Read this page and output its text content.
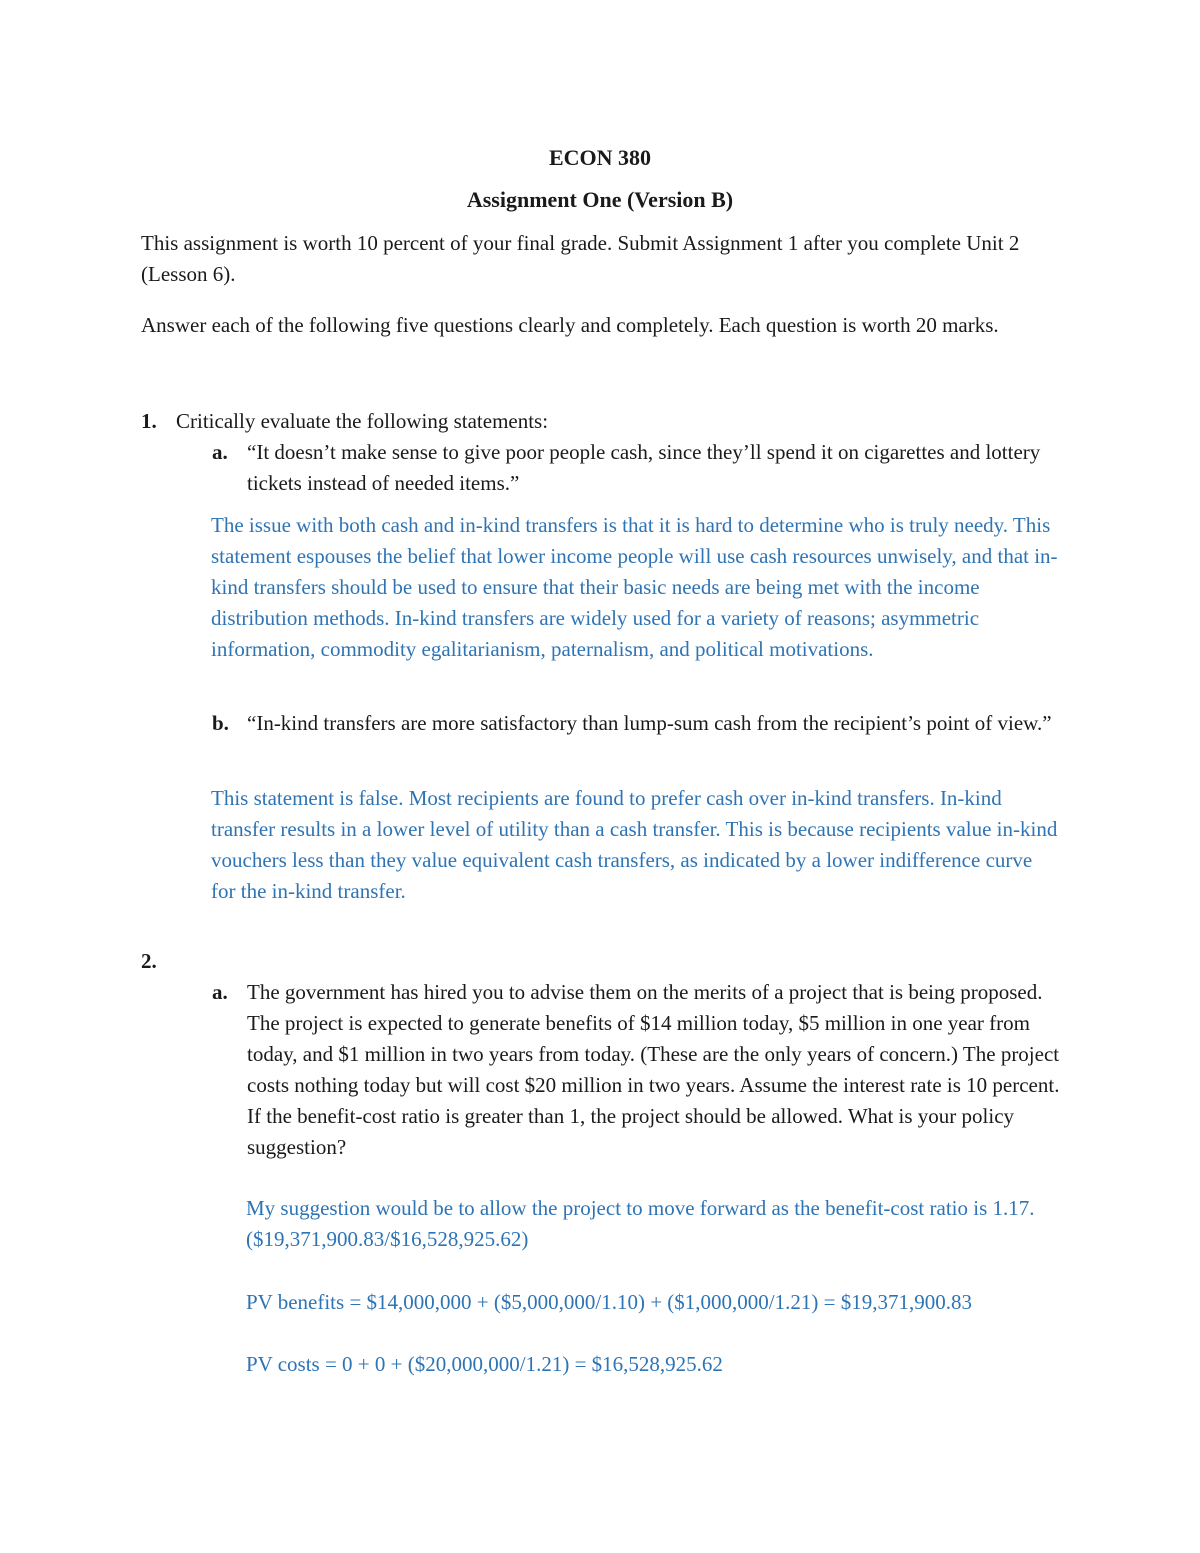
ECON 380
Assignment One (Version B)

This assignment is worth 10 percent of your final grade. Submit Assignment 1 after you complete Unit 2 (Lesson 6).

Answer each of the following five questions clearly and completely. Each question is worth 20 marks.

1. Critically evaluate the following statements:
a. “It doesn’t make sense to give poor people cash, since they’ll spend it on cigarettes and lottery tickets instead of needed items.”

The issue with both cash and in-kind transfers is that it is hard to determine who is truly needy. This statement espouses the belief that lower income people will use cash resources unwisely, and that in-kind transfers should be used to ensure that their basic needs are being met with the income distribution methods. In-kind transfers are widely used for a variety of reasons; asymmetric information, commodity egalitarianism, paternalism, and political motivations.

b. “In-kind transfers are more satisfactory than lump-sum cash from the recipient’s point of view.”

This statement is false. Most recipients are found to prefer cash over in-kind transfers. In-kind transfer results in a lower level of utility than a cash transfer. This is because recipients value in-kind vouchers less than they value equivalent cash transfers, as indicated by a lower indifference curve for the in-kind transfer.

2.
a. The government has hired you to advise them on the merits of a project that is being proposed. The project is expected to generate benefits of $14 million today, $5 million in one year from today, and $1 million in two years from today. (These are the only years of concern.) The project costs nothing today but will cost $20 million in two years. Assume the interest rate is 10 percent. If the benefit-cost ratio is greater than 1, the project should be allowed. What is your policy suggestion?

My suggestion would be to allow the project to move forward as the benefit-cost ratio is 1.17. ($19,371,900.83/$16,528,925.62)

PV benefits = $14,000,000 + ($5,000,000/1.10) + ($1,000,000/1.21) = $19,371,900.83

PV costs = 0 + 0 + ($20,000,000/1.21) = $16,528,925.62
